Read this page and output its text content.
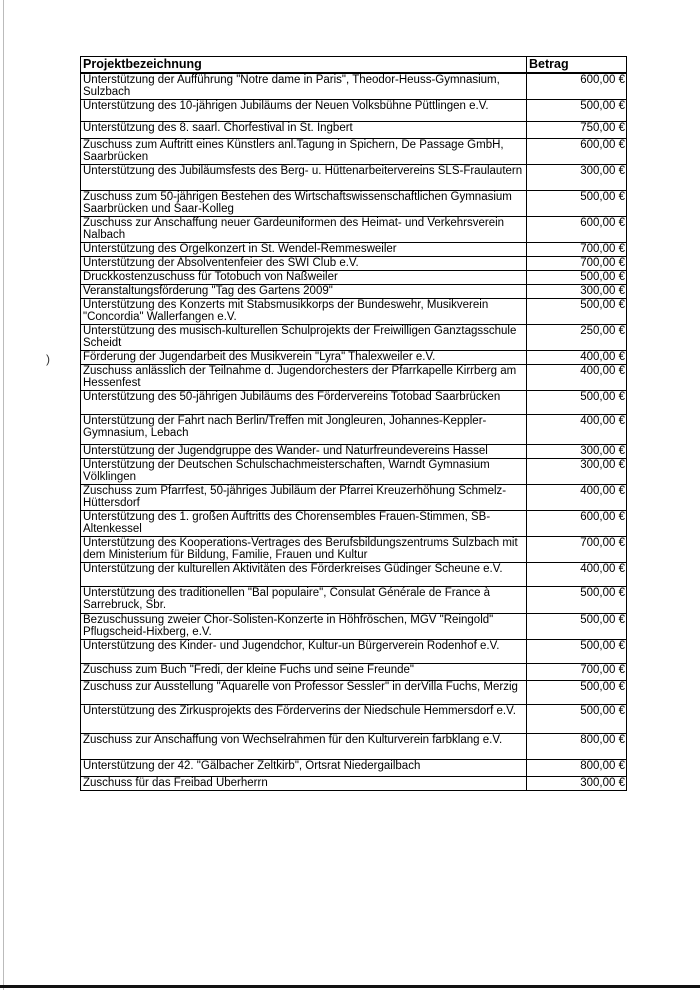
)
Projektbezeichnung	Betrag
Unterstützung der Aufführung "Notre dame in Paris", Theodor-Heuss-Gymnasium, Sulzbach	600,00 €
Unterstützung des 10-jährigen Jubiläums der Neuen Volksbühne Püttlingen e.V.	500,00 €
Unterstützung des 8. saarl. Chorfestival in St. Ingbert	750,00 €
Zuschuss zum Auftritt eines Künstlers anl.Tagung in Spichern, De Passage GmbH, Saarbrücken	600,00 €
Unterstützung des Jubiläumsfests des Berg- u. Hüttenarbeitervereins SLS-Fraulautern	300,00 €
Zuschuss zum 50-jährigen Bestehen des Wirtschaftswissenschaftlichen Gymnasium Saarbrücken und Saar-Kolleg	500,00 €
Zuschuss zur Anschaffung neuer Gardeuniformen des Heimat- und Verkehrsverein Nalbach	600,00 €
Unterstützung des Orgelkonzert in St. Wendel-Remmesweiler	700,00 €
Unterstützung der Absolventenfeier des SWI Club e.V.	700,00 €
Druckkostenzuschuss für Totobuch von Naßweiler	500,00 €
Veranstaltungsförderung "Tag des Gartens 2009"	300,00 €
Unterstützung des Konzerts mit Stabsmusikkorps der Bundeswehr, Musikverein "Concordia" Wallerfangen e.V.	500,00 €
Unterstützung des musisch-kulturellen Schulprojekts der Freiwilligen Ganztagsschule Scheidt	250,00 €
Förderung der Jugendarbeit des Musikverein "Lyra" Thalexweiler e.V.	400,00 €
Zuschuss anlässlich der Teilnahme d. Jugendorchesters der Pfarrkapelle Kirrberg am Hessenfest	400,00 €
Unterstützung des 50-jährigen Jubiläums des Fördervereins Totobad Saarbrücken	500,00 €
Unterstützung der Fahrt nach Berlin/Treffen mit Jongleuren, Johannes-Keppler-Gymnasium, Lebach	400,00 €
Unterstützung der Jugendgruppe des Wander- und Naturfreundevereins Hassel	300,00 €
Unterstützung der Deutschen Schulschachmeisterschaften, Warndt Gymnasium Völklingen	300,00 €
Zuschuss zum Pfarrfest, 50-jähriges Jubiläum der Pfarrei Kreuzerhöhung Schmelz-Hüttersdorf	400,00 €
Unterstützung des 1. großen Auftritts des Chorensembles Frauen-Stimmen, SB-Altenkessel	600,00 €
Unterstützung des Kooperations-Vertrages des Berufsbildungszentrums Sulzbach mit dem Ministerium für Bildung, Familie, Frauen und Kultur	700,00 €
Unterstützung der kulturellen Aktivitäten des Förderkreises Güdinger Scheune e.V.	400,00 €
Unterstützung des traditionellen "Bal populaire", Consulat Générale de France à Sarrebruck, Sbr.	500,00 €
Bezuschussung zweier Chor-Solisten-Konzerte in Höhfröschen, MGV "Reingold" Pflugscheid-Hixberg, e.V.	500,00 €
Unterstützung des Kinder- und Jugendchor, Kultur-un Bürgerverein Rodenhof e.V.	500,00 €
Zuschuss zum Buch "Fredi, der kleine Fuchs und seine Freunde"	700,00 €
Zuschuss zur Ausstellung "Aquarelle von Professor Sessler" in derVilla Fuchs, Merzig	500,00 €
Unterstützung des Zirkusprojekts des Förderverins der Niedschule Hemmersdorf e.V.	500,00 €
Zuschuss zur Anschaffung von Wechselrahmen für den Kulturverein farbklang e.V.	800,00 €
Unterstützung der 42. "Gälbacher Zeltkirb", Ortsrat Niedergailbach	800,00 €
Zuschuss für das Freibad Überherrn	300,00 €
